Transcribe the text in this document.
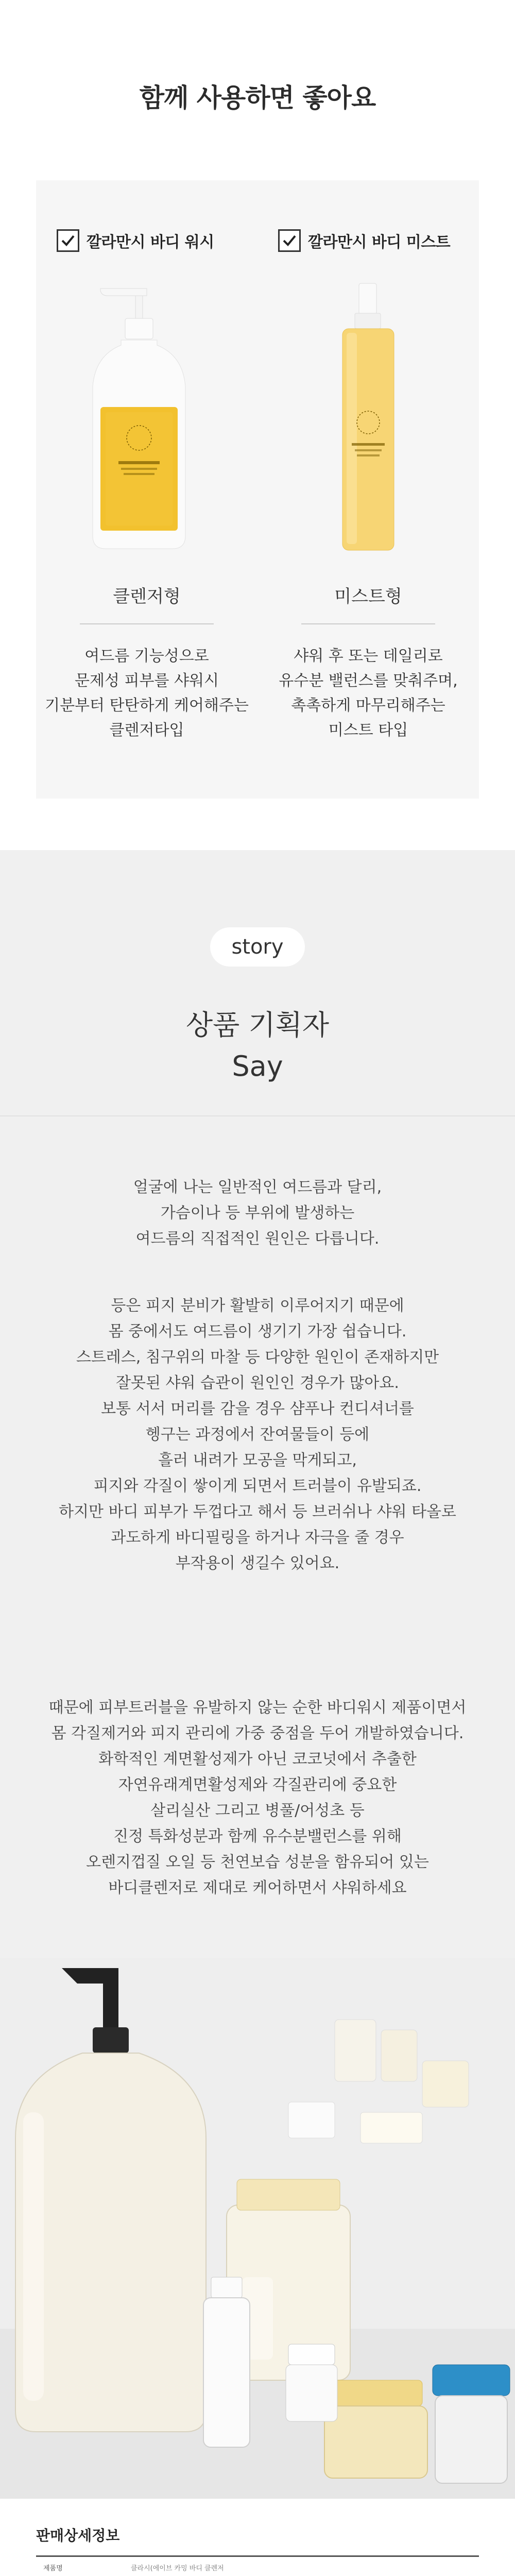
함께 사용하면 좋아요
깔라만시 바디 워시
클렌저형
여드름 기능성으로
문제성 피부를 샤워시
기분부터 탄탄하게 케어해주는
클렌저타입
깔라만시 바디 미스트
미스트형
샤워 후 또는 데일리로
유수분 밸런스를 맞춰주며,
촉촉하게 마무리해주는
미스트 타입
story
상품 기획자
Say
얼굴에 나는 일반적인 여드름과 달리,
가슴이나 등 부위에 발생하는
여드름의 직접적인 원인은 다릅니다.
등은 피지 분비가 활발히 이루어지기 때문에
몸 중에서도 여드름이 생기기 가장 쉽습니다.
스트레스, 침구위의 마찰 등 다양한 원인이 존재하지만
잘못된 샤워 습관이 원인인 경우가 많아요.
보통 서서 머리를 감을 경우 샴푸나 컨디셔너를
헹구는 과정에서 잔여물들이 등에
흘러 내려가 모공을 막게되고,
피지와 각질이 쌓이게 되면서 트러블이 유발되죠.
하지만 바디 피부가 두껍다고 해서 등 브러쉬나 샤워 타올로
과도하게 바디필링을 하거나 자극을 줄 경우
부작용이 생길수 있어요.
때문에 피부트러블을 유발하지 않는 순한 바디워시 제품이면서
몸 각질제거와 피지 관리에 가중 중점을 두어 개발하였습니다.
화학적인 계면활성제가 아닌 코코넛에서 추출한
자연유래계면활성제와 각질관리에 중요한
살리실산 그리고 병풀/어성초 등
진정 특화성분과 함께 유수분밸런스를 위해
오렌지껍질 오일 등 천연보습 성분을 함유되어 있는
바디클렌저로 제대로 케어하면서 샤워하세요
판매상세정보
제품명	클라시(에이브 카밍 바디 클렌저
